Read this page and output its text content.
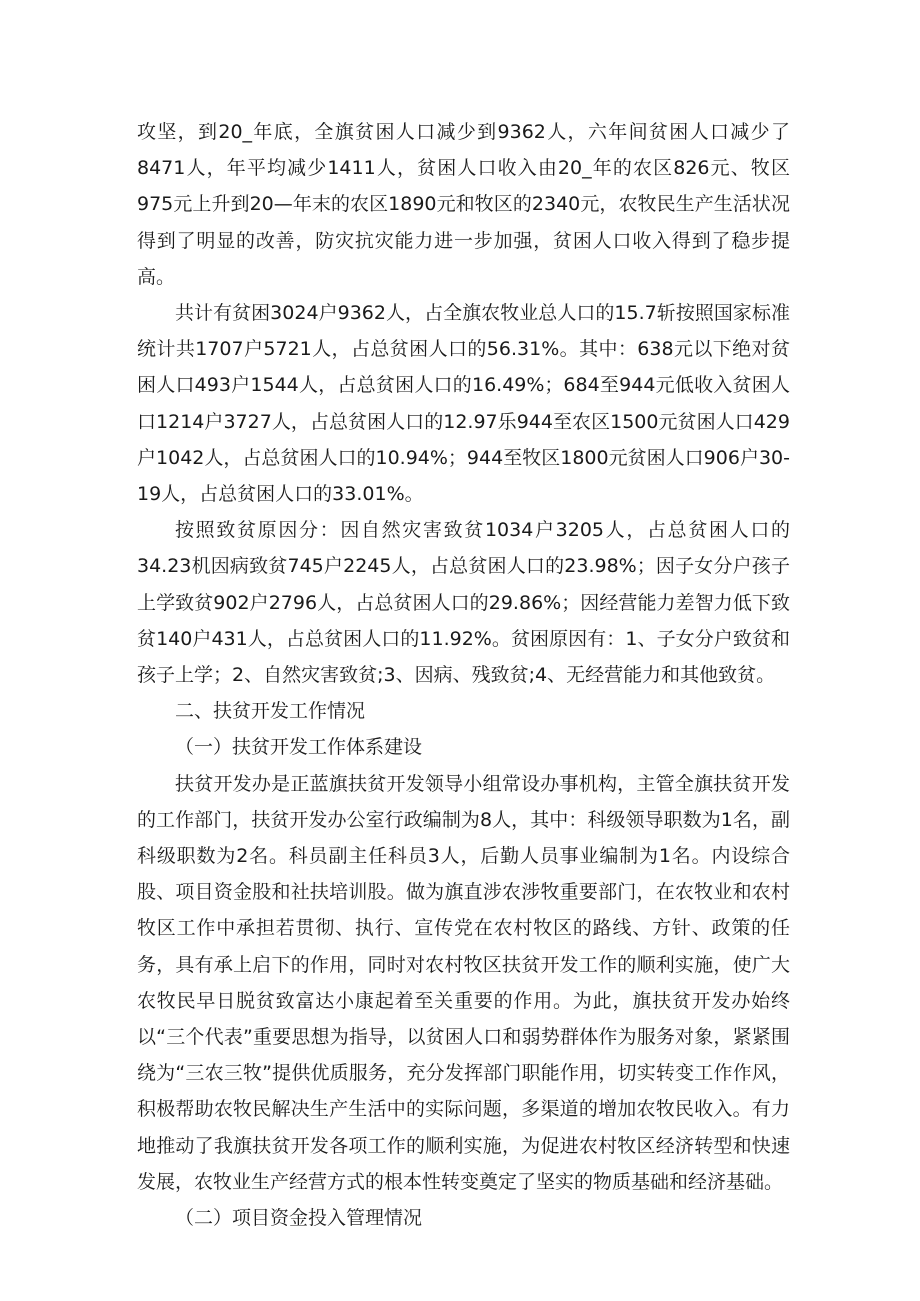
攻坚，到20_年底，全旗贫困人口减少到9362人，六年间贫困人口减少了8471人，年平均减少1411人，贫困人口收入由20_年的农区826元、牧区975元上升到20—年末的农区1890元和牧区的2340元，农牧民生产生活状况得到了明显的改善，防灾抗灾能力进一步加强，贫困人口收入得到了稳步提高。

共计有贫困3024户9362人，占全旗农牧业总人口的15.7斩按照国家标准统计共1707户5721人，占总贫困人口的56.31%。其中：638元以下绝对贫困人口493户1544人，占总贫困人口的16.49%；684至944元低收入贫困人口1214户3727人，占总贫困人口的12.97乐944至农区1500元贫困人口429户1042人，占总贫困人口的10.94%；944至牧区1800元贫困人口906户30-19人，占总贫困人口的33.01%。

按照致贫原因分：因自然灾害致贫1034户3205人，占总贫困人口的34.23机因病致贫745户2245人，占总贫困人口的23.98%；因子女分户孩子上学致贫902户2796人，占总贫困人口的29.86%；因经营能力差智力低下致贫140户431人，占总贫困人口的11.92%。贫困原因有：1、子女分户致贫和孩子上学；2、自然灾害致贫;3、因病、残致贫;4、无经营能力和其他致贫。

二、扶贫开发工作情况

（一）扶贫开发工作体系建设

扶贫开发办是正蓝旗扶贫开发领导小组常设办事机构，主管全旗扶贫开发的工作部门，扶贫开发办公室行政编制为8人，其中：科级领导职数为1名，副科级职数为2名。科员副主任科员3人，后勤人员事业编制为1名。内设综合股、项目资金股和社扶培训股。做为旗直涉农涉牧重要部门，在农牧业和农村牧区工作中承担若贯彻、执行、宣传党在农村牧区的路线、方针、政策的任务，具有承上启下的作用，同时对农村牧区扶贫开发工作的顺利实施，使广大农牧民早日脱贫致富达小康起着至关重要的作用。为此，旗扶贫开发办始终以“三个代表”重要思想为指导，以贫困人口和弱势群体作为服务对象，紧紧围绕为“三农三牧”提供优质服务，充分发挥部门职能作用，切实转变工作作风，积极帮助农牧民解决生产生活中的实际问题，多渠道的增加农牧民收入。有力地推动了我旗扶贫开发各项工作的顺利实施，为促进农村牧区经济转型和快速发展，农牧业生产经营方式的根本性转变奠定了坚实的物质基础和经济基础。

（二）项目资金投入管理情况
